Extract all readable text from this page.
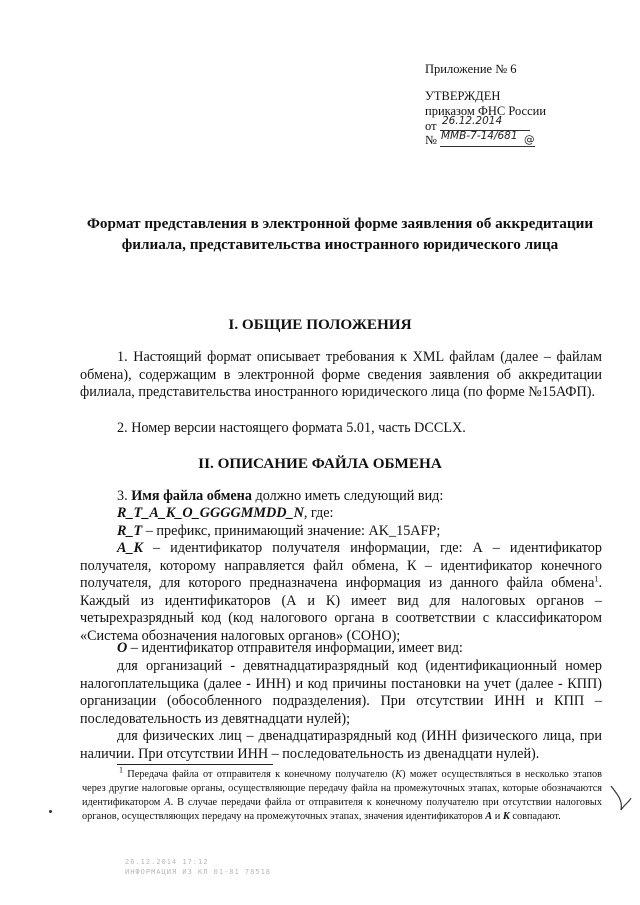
Приложение № 6
УТВЕРЖДЕН
приказом ФНС России
от 26.12.2014
№ ММВ-7-14/681 @
Формат представления в электронной форме заявления об аккредитации филиала, представительства иностранного юридического лица
I. ОБЩИЕ ПОЛОЖЕНИЯ
1. Настоящий формат описывает требования к XML файлам (далее – файлам обмена), содержащим в электронной форме сведения заявления об аккредитации филиала, представительства иностранного юридического лица (по форме №15АФП).
2. Номер версии настоящего формата 5.01, часть DCCLX.
II. ОПИСАНИЕ ФАЙЛА ОБМЕНА
3. Имя файла обмена должно иметь следующий вид:
R_T_A_K_O_GGGGMMDD_N, где:
R_T – префикс, принимающий значение: AK_15AFP;
A_K – идентификатор получателя информации, где: А – идентификатор получателя, которому направляется файл обмена, К – идентификатор конечного получателя, для которого предназначена информация из данного файла обмена$^1$. Каждый из идентификаторов (А и К) имеет вид для налоговых органов – четырехразрядный код (код налогового органа в соответствии с классификатором «Система обозначения налоговых органов» (СОНО);
O – идентификатор отправителя информации, имеет вид:
для организаций - девятнадцатиразрядный код (идентификационный номер налогоплательщика (далее - ИНН) и код причины постановки на учет (далее - КПП) организации (обособленного подразделения). При отсутствии ИНН и КПП – последовательность из девятнадцати нулей);
для физических лиц – двенадцатиразрядный код (ИНН физического лица, при наличии. При отсутствии ИНН – последовательность из двенадцати нулей).
$^1$ Передача файла от отправителя к конечному получателю (К) может осуществляться в несколько этапов через другие налоговые органы, осуществляющие передачу файла на промежуточных этапах, которые обозначаются идентификатором А. В случае передачи файла от отправителя к конечному получателю при отсутствии налоговых органов, осуществляющих передачу на промежуточных этапах, значения идентификаторов А и К совпадают.
26.12.2014 17:12
ИНФОРМАЦИЯ ИЗ КЛ 01-81 78518
